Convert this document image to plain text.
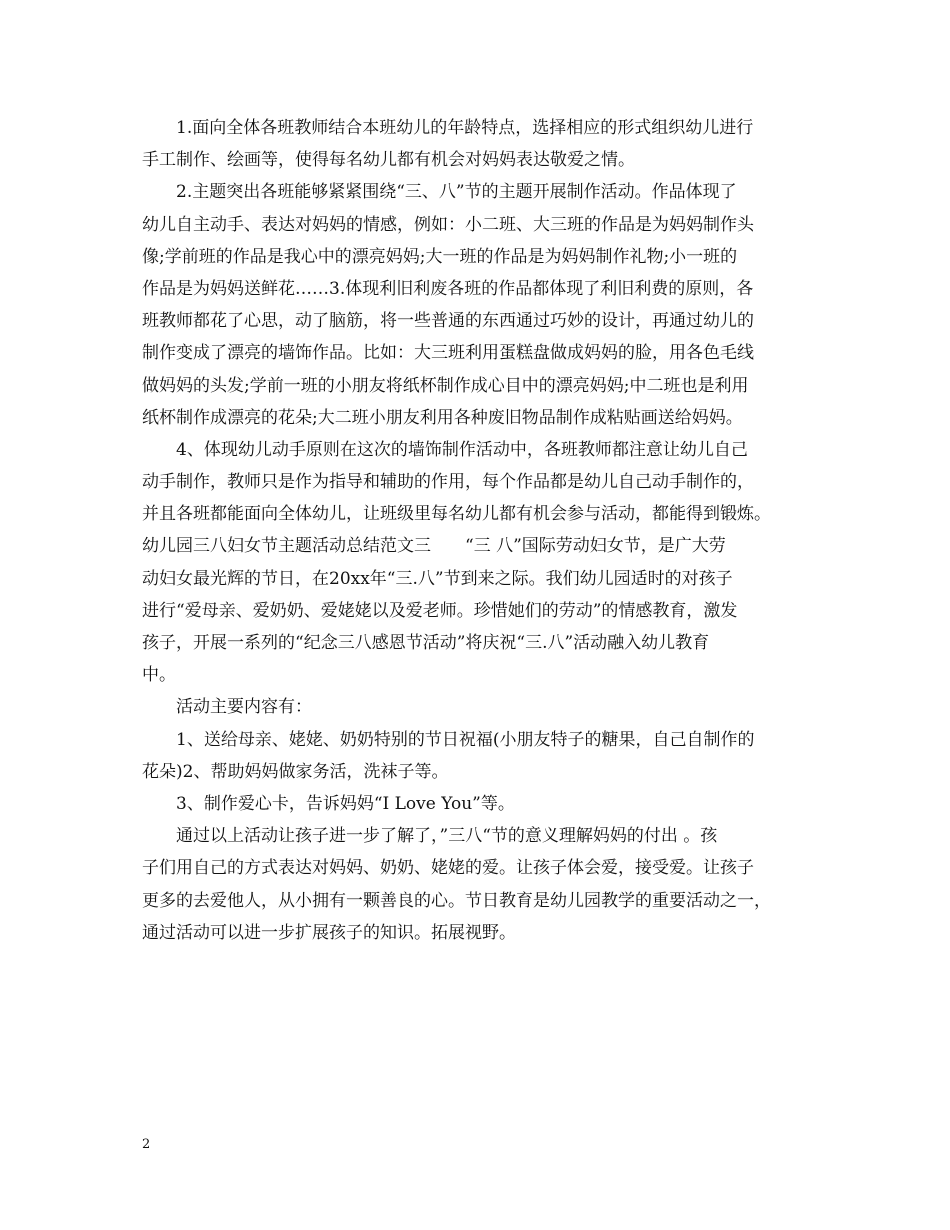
1.面向全体各班教师结合本班幼儿的年龄特点，选择相应的形式组织幼儿进行
手工制作、绘画等，使得每名幼儿都有机会对妈妈表达敬爱之情。
2.主题突出各班能够紧紧围绕“三、八”节的主题开展制作活动。作品体现了
幼儿自主动手、表达对妈妈的情感，例如：小二班、大三班的作品是为妈妈制作头
像;学前班的作品是我心中的漂亮妈妈;大一班的作品是为妈妈制作礼物;小一班的
作品是为妈妈送鲜花……3.体现利旧利废各班的作品都体现了利旧利费的原则，各
班教师都花了心思，动了脑筋，将一些普通的东西通过巧妙的设计，再通过幼儿的
制作变成了漂亮的墙饰作品。比如：大三班利用蛋糕盘做成妈妈的脸，用各色毛线
做妈妈的头发;学前一班的小朋友将纸杯制作成心目中的漂亮妈妈;中二班也是利用
纸杯制作成漂亮的花朵;大二班小朋友利用各种废旧物品制作成粘贴画送给妈妈。
4、体现幼儿动手原则在这次的墙饰制作活动中，各班教师都注意让幼儿自己
动手制作，教师只是作为指导和辅助的作用，每个作品都是幼儿自己动手制作的，
并且各班都能面向全体幼儿，让班级里每名幼儿都有机会参与活动，都能得到锻炼。
幼儿园三八妇女节主题活动总结范文三　　“三 八”国际劳动妇女节，是广大劳
动妇女最光辉的节日，在20xx年“三.八”节到来之际。我们幼儿园适时的对孩子
进行“爱母亲、爱奶奶、爱姥姥以及爱老师。珍惜她们的劳动”的情感教育，激发
孩子，开展一系列的“纪念三八感恩节活动”将庆祝“三.八”活动融入幼儿教育
中。
活动主要内容有：
1、送给母亲、姥姥、奶奶特别的节日祝福(小朋友特子的糖果，自己自制作的
花朵)2、帮助妈妈做家务活，洗袜子等。
3、制作爱心卡，告诉妈妈“I Love You”等。
通过以上活动让孩子进一步了解了，”三八“节的意义理解妈妈的付出 。孩
子们用自己的方式表达对妈妈、奶奶、姥姥的爱。让孩子体会爱，接受爱。让孩子
更多的去爱他人，从小拥有一颗善良的心。节日教育是幼儿园教学的重要活动之一，
通过活动可以进一步扩展孩子的知识。拓展视野。
2
